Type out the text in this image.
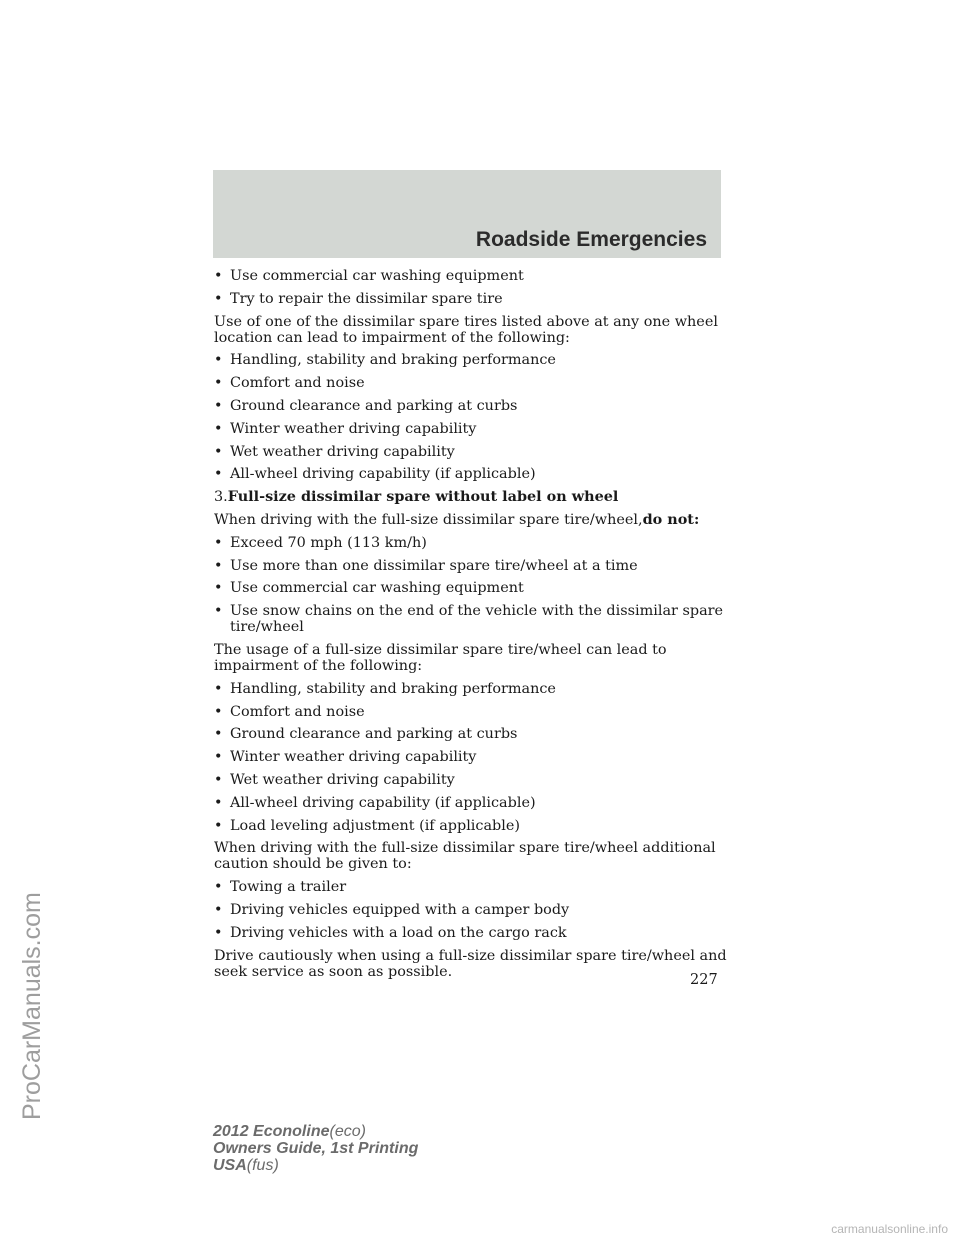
Roadside Emergencies
• Use commercial car washing equipment
• Try to repair the dissimilar spare tire
Use of one of the dissimilar spare tires listed above at any one wheel
location can lead to impairment of the following:
• Handling, stability and braking performance
• Comfort and noise
• Ground clearance and parking at curbs
• Winter weather driving capability
• Wet weather driving capability
• All-wheel driving capability (if applicable)
3.Full-size dissimilar spare without label on wheel
When driving with the full-size dissimilar spare tire/wheel,do not:
• Exceed 70 mph (113 km/h)
• Use more than one dissimilar spare tire/wheel at a time
• Use commercial car washing equipment
• Use snow chains on the end of the vehicle with the dissimilar spare
tire/wheel
The usage of a full-size dissimilar spare tire/wheel can lead to
impairment of the following:
• Handling, stability and braking performance
• Comfort and noise
• Ground clearance and parking at curbs
• Winter weather driving capability
• Wet weather driving capability
• All-wheel driving capability (if applicable)
• Load leveling adjustment (if applicable)
When driving with the full-size dissimilar spare tire/wheel additional
caution should be given to:
• Towing a trailer
• Driving vehicles equipped with a camper body
• Driving vehicles with a load on the cargo rack
Drive cautiously when using a full-size dissimilar spare tire/wheel and
seek service as soon as possible.
227
2012 Econoline(eco)
Owners Guide, 1st Printing
USA(fus)
ProCarManuals.com
carmanualsonline.info
